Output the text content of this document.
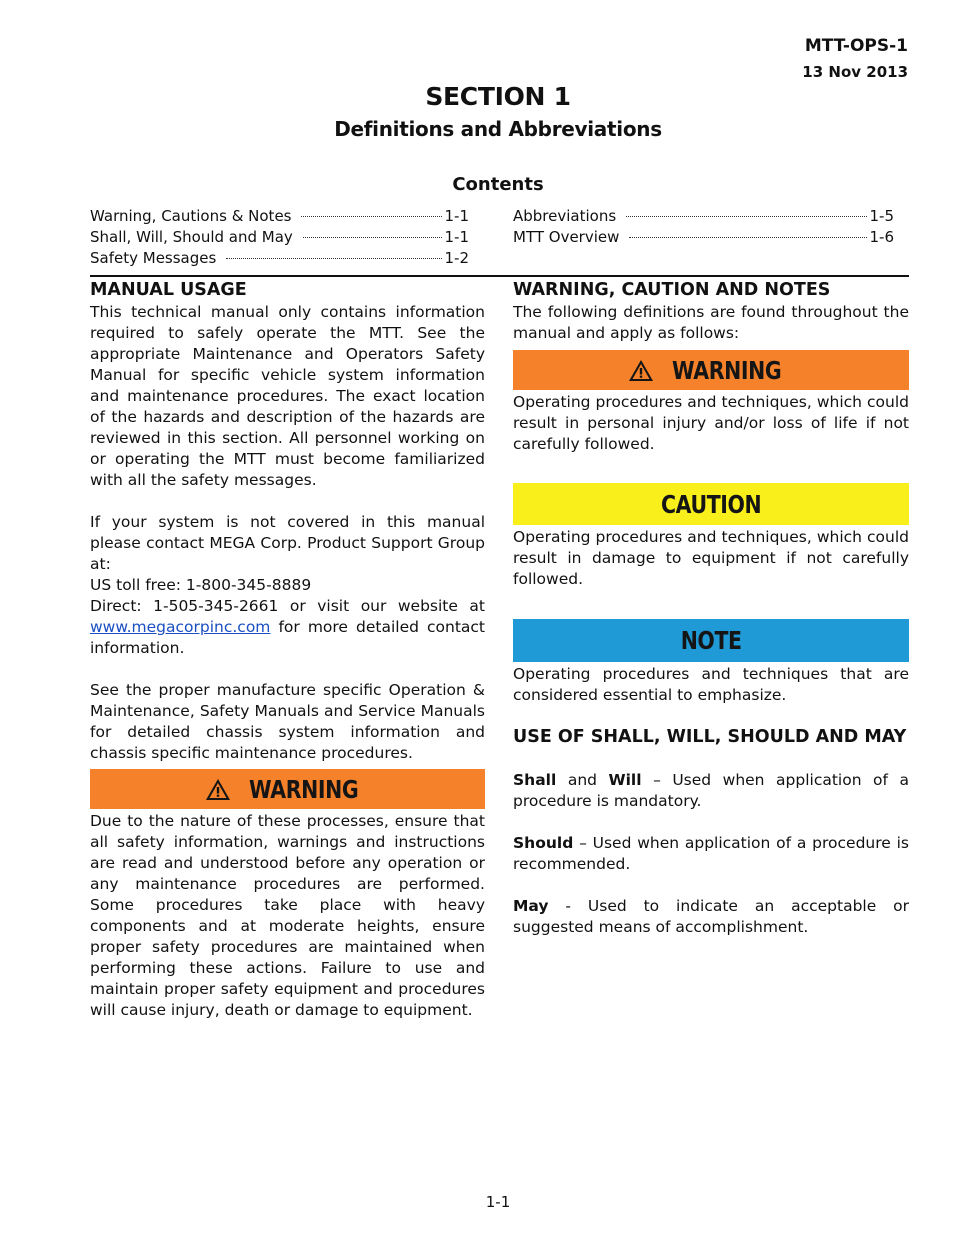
MTT-OPS-1
13 Nov 2013
SECTION 1
Definitions and Abbreviations
Contents
Warning, Cautions & Notes	1-1
Shall, Will, Should and May	1-1
Safety Messages	1-2
Abbreviations	1-5
MTT Overview	1-6
MANUAL USAGE
This technical manual only contains information required to safely operate the MTT. See the appropriate Maintenance and Operators Safety Manual for specific vehicle system information and maintenance procedures. The exact location of the hazards and description of the hazards are reviewed in this section. All personnel working on or operating the MTT must become familiarized with all the safety messages.
If your system is not covered in this manual please contact MEGA Corp. Product Support Group at:
US toll free: 1-800-345-8889
Direct: 1-505-345-2661 or visit our website at
www.megacorpinc.com for more detailed contact information.
See the proper manufacture specific Operation & Maintenance, Safety Manuals and Service Manuals for detailed chassis system information and chassis specific maintenance procedures.
WARNING
Due to the nature of these processes, ensure that all safety information, warnings and instructions are read and understood before any operation or any maintenance procedures are performed. Some procedures take place with heavy components and at moderate heights, ensure proper safety procedures are maintained when performing these actions. Failure to use and maintain proper safety equipment and procedures will cause injury, death or damage to equipment.
WARNING, CAUTION AND NOTES
The following definitions are found throughout the manual and apply as follows:
WARNING
Operating procedures and techniques, which could result in personal injury and/or loss of life if not carefully followed.
CAUTION
Operating procedures and techniques, which could result in damage to equipment if not carefully followed.
NOTE
Operating procedures and techniques that are considered essential to emphasize.
USE OF SHALL, WILL, SHOULD AND MAY
Shall and Will – Used when application of a procedure is mandatory.
Should – Used when application of a procedure is recommended.
May - Used to indicate an acceptable or suggested means of accomplishment.
1-1
